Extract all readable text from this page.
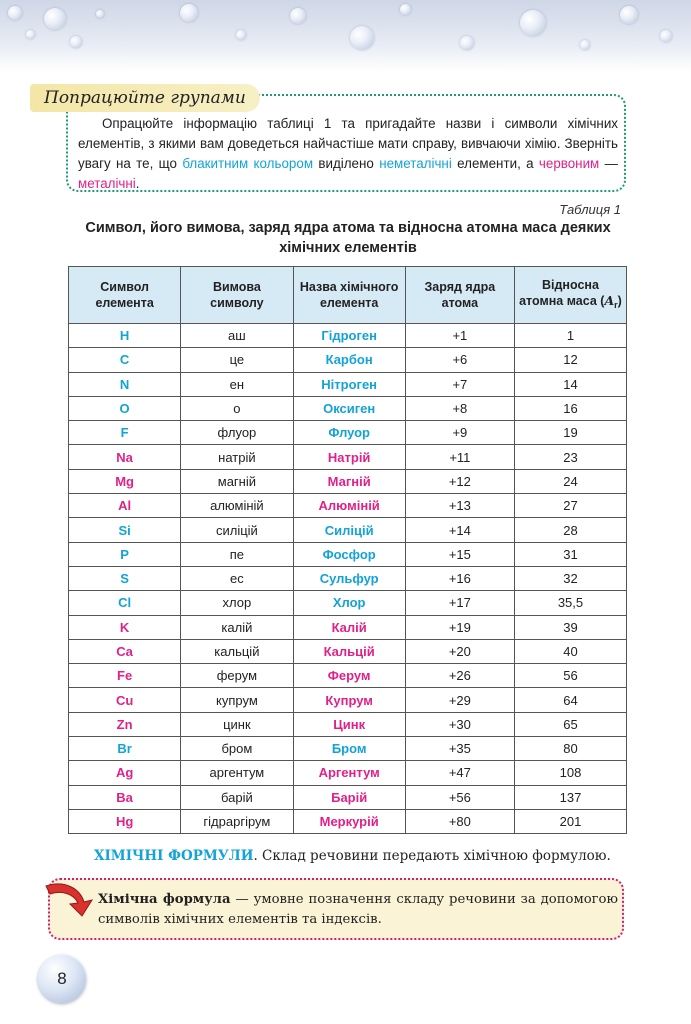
Попрацюйте групами
Опрацюйте інформацію таблиці 1 та пригадайте назви і символи хімічних елементів, з якими вам доведеться найчастіше мати справу, вивчаючи хімію. Зверніть увагу на те, що блакитним кольором виділено неметалічні елементи, а червоним — металічні.
Таблиця 1
Символ, його вимова, заряд ядра атома та відносна атомна маса деяких хімічних елементів
Символ елемента	Вимова символу	Назва хімічного елемента	Заряд ядра атома	Відносна атомна маса $(A_r)$
H	аш	Гідроген	+1	1
C	це	Карбон	+6	12
N	ен	Нітроген	+7	14
O	о	Оксиген	+8	16
F	флуор	Флуор	+9	19
Na	натрій	Натрій	+11	23
Mg	магній	Магній	+12	24
Al	алюміній	Алюміній	+13	27
Si	силіцій	Силіцій	+14	28
P	пе	Фосфор	+15	31
S	ес	Сульфур	+16	32
Cl	хлор	Хлор	+17	35,5
K	калій	Калій	+19	39
Ca	кальцій	Кальцій	+20	40
Fe	ферум	Ферум	+26	56
Cu	купрум	Купрум	+29	64
Zn	цинк	Цинк	+30	65
Br	бром	Бром	+35	80
Ag	аргентум	Аргентум	+47	108
Ba	барій	Барій	+56	137
Hg	гідраргірум	Меркурій	+80	201
ХІМІЧНІ ФОРМУЛИ. Склад речовини передають хімічною формулою.
Хімічна формула — умовне позначення складу речовини за допомогою символів хімічних елементів та індексів.
8
